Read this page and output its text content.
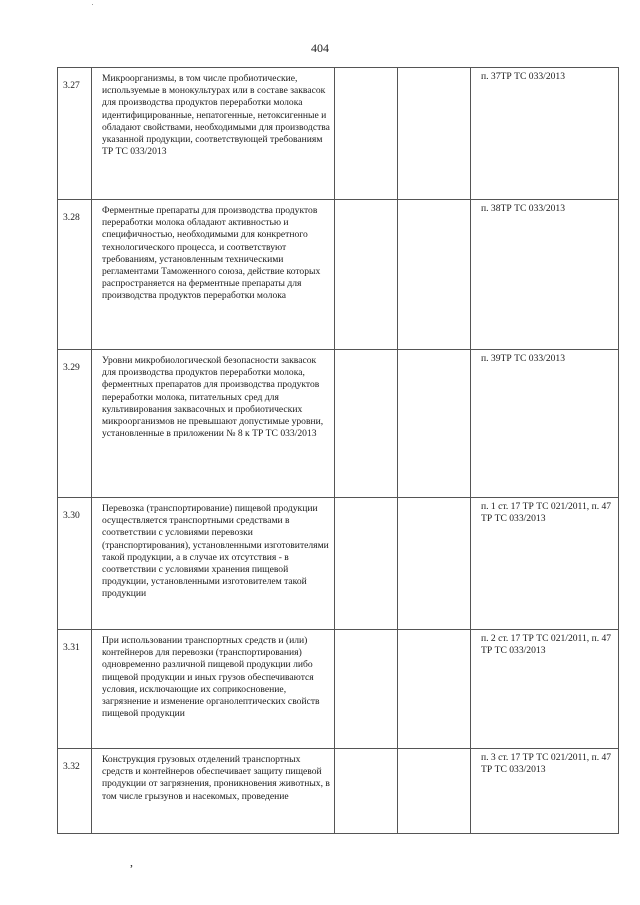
404
3.27	Микроорганизмы, в том числе пробиотические, используемые в монокультурах или в составе заквасок для производства продуктов переработки молока идентифицированные, непатогенные, нетоксигенные и обладают свойствами, необходимыми для производства указанной продукции, соответствующей требованиям ТР ТС 033/2013			п. 37ТР ТС 033/2013

3.28	Ферментные препараты для производства продуктов переработки молока обладают активностью и специфичностью, необходимыми для конкретного технологического процесса, и соответствуют требованиям, установленным техническими регламентами Таможенного союза, действие которых распространяется на ферментные препараты для производства продуктов переработки молока			п. 38ТР ТС 033/2013

3.29	Уровни микробиологической безопасности заквасок для производства продуктов переработки молока, ферментных препаратов для производства продуктов переработки молока, питательных сред для культивирования заквасочных и пробиотических микроорганизмов не превышают допустимые уровни, установленные в приложении № 8 к ТР ТС 033/2013			п. 39ТР ТС 033/2013

3.30	Перевозка (транспортирование) пищевой продукции осуществляется транспортными средствами в соответствии с условиями перевозки (транспортирования), установленными изготовителями такой продукции, а в случае их отсутствия - в соответствии с условиями хранения пищевой продукции, установленными изготовителем такой продукции			п. 1 ст. 17 ТР ТС 021/2011, п. 47 ТР ТС 033/2013

3.31	При использовании транспортных средств и (или) контейнеров для перевозки (транспортирования) одновременно различной пищевой продукции либо пищевой продукции и иных грузов обеспечиваются условия, исключающие их соприкосновение, загрязнение и изменение органолептических свойств пищевой продукции			п. 2 ст. 17 ТР ТС 021/2011, п. 47 ТР ТС 033/2013

3.32	Конструкция грузовых отделений транспортных средств и контейнеров обеспечивает защиту пищевой продукции от загрязнения, проникновения животных, в том числе грызунов и насекомых, проведение			п. 3 ст. 17 ТР ТС 021/2011, п. 47 ТР ТС 033/2013
,
